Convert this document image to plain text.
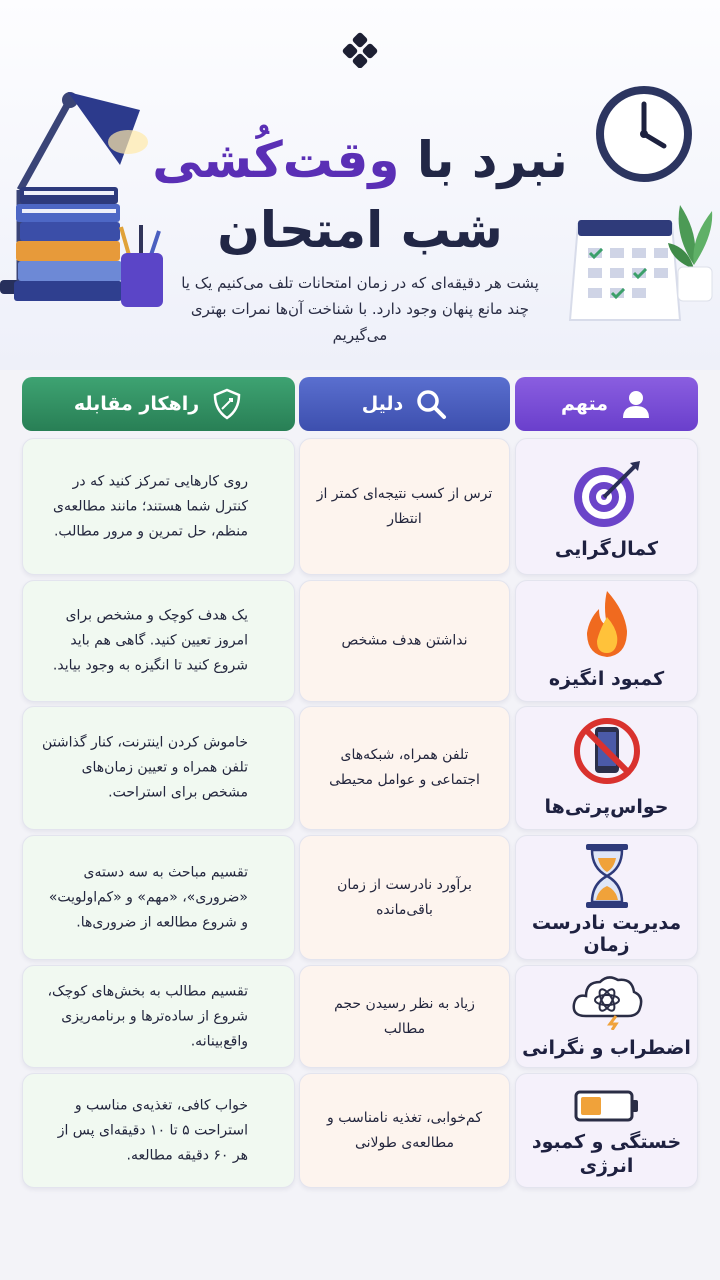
نبرد با وقت‌کُشی
شب امتحان
پشت هر دقیقه‌ای که در زمان امتحانات تلف می‌کنیم یک یا چند مانع پنهان وجود دارد. با شناخت آن‌ها نمرات بهتری می‌گیریم
متهم
دلیل
راهکار مقابله
کمال‌گرایی
ترس از کسب نتیجه‌ای کمتر از انتظار
روی کارهایی تمرکز کنید که در کنترل شما هستند؛ مانند مطالعه‌ی منظم، حل تمرین و مرور مطالب.
کمبود انگیزه
نداشتن هدف مشخص
یک هدف کوچک و مشخص برای امروز تعیین کنید. گاهی هم باید شروع کنید تا انگیزه به وجود بیاید.
حواس‌پرتی‌ها
تلفن همراه، شبکه‌های اجتماعی و عوامل محیطی
خاموش کردن اینترنت، کنار گذاشتن تلفن همراه و تعیین زمان‌های مشخص برای استراحت.
مدیریت نادرست زمان
برآورد نادرست از زمان باقی‌مانده
تقسیم مباحث به سه دسته‌ی «ضروری»، «مهم» و «کم‌اولویت» و شروع مطالعه از ضروری‌ها.
اضطراب و نگرانی
زیاد به نظر رسیدن حجم مطالب
تقسیم مطالب به بخش‌های کوچک، شروع از ساده‌ترها و برنامه‌ریزی واقع‌بینانه.
خستگی و کمبود انرژی
کم‌خوابی، تغذیه نامناسب و مطالعه‌ی طولانی
خواب کافی، تغذیه‌ی مناسب و استراحت ۵ تا ۱۰ دقیقه‌ای پس از هر ۶۰ دقیقه مطالعه.
